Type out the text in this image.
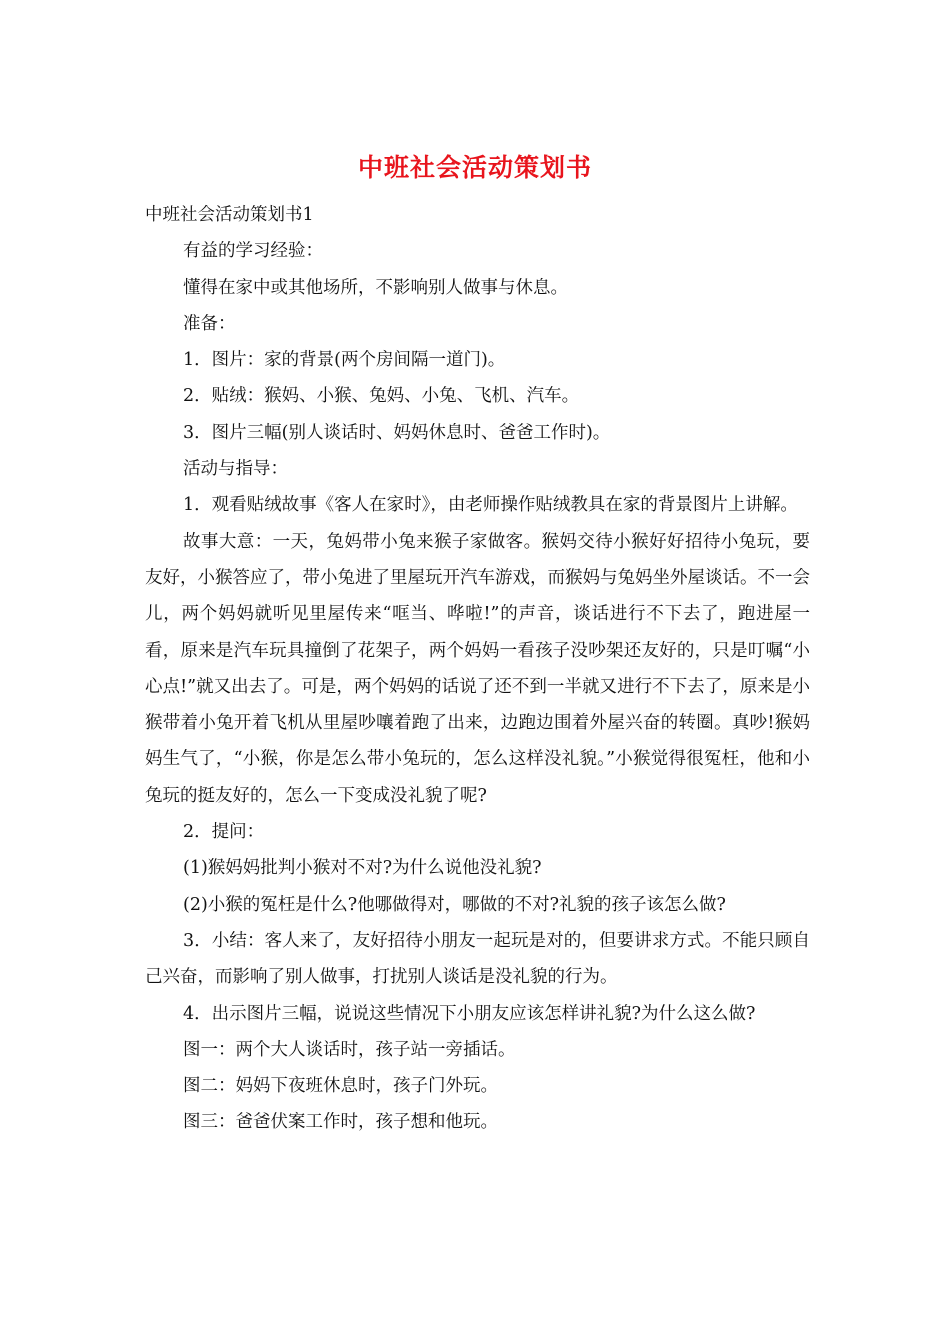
中班社会活动策划书

中班社会活动策划书1

有益的学习经验：

懂得在家中或其他场所，不影响别人做事与休息。

准备：

1．图片：家的背景(两个房间隔一道门)。

2．贴绒：猴妈、小猴、兔妈、小兔、飞机、汽车。

3．图片三幅(别人谈话时、妈妈休息时、爸爸工作时)。

活动与指导：

1．观看贴绒故事《客人在家时》，由老师操作贴绒教具在家的背景图片上讲解。

故事大意：一天，兔妈带小兔来猴子家做客。猴妈交待小猴好好招待小兔玩，要友好，小猴答应了，带小兔进了里屋玩开汽车游戏，而猴妈与兔妈坐外屋谈话。不一会儿，两个妈妈就听见里屋传来“哐当、哗啦!”的声音，谈话进行不下去了，跑进屋一看，原来是汽车玩具撞倒了花架子，两个妈妈一看孩子没吵架还友好的，只是叮嘱“小心点!”就又出去了。可是，两个妈妈的话说了还不到一半就又进行不下去了，原来是小猴带着小兔开着飞机从里屋吵嚷着跑了出来，边跑边围着外屋兴奋的转圈。真吵!猴妈妈生气了，“小猴，你是怎么带小兔玩的，怎么这样没礼貌。”小猴觉得很冤枉，他和小兔玩的挺友好的，怎么一下变成没礼貌了呢?

2．提问：

(1)猴妈妈批判小猴对不对?为什么说他没礼貌?

(2)小猴的冤枉是什么?他哪做得对，哪做的不对?礼貌的孩子该怎么做?

3．小结：客人来了，友好招待小朋友一起玩是对的，但要讲求方式。不能只顾自己兴奋，而影响了别人做事，打扰别人谈话是没礼貌的行为。

4．出示图片三幅，说说这些情况下小朋友应该怎样讲礼貌?为什么这么做?

图一：两个大人谈话时，孩子站一旁插话。

图二：妈妈下夜班休息时，孩子门外玩。

图三：爸爸伏案工作时，孩子想和他玩。
